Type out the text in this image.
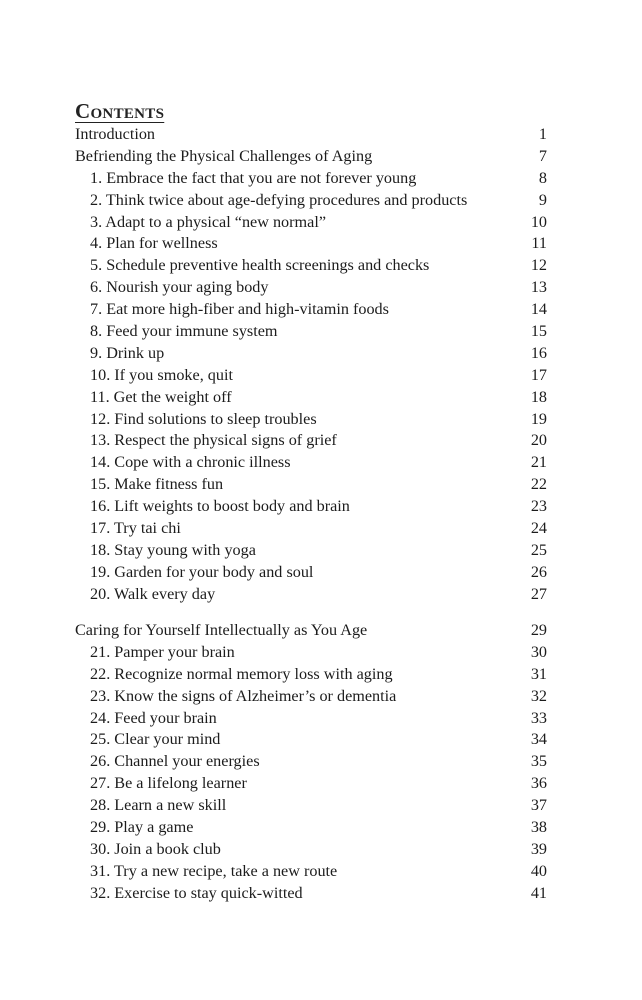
Contents
Introduction	1
Befriending the Physical Challenges of Aging	7
1. Embrace the fact that you are not forever young	8
2. Think twice about age-defying procedures and products	9
3. Adapt to a physical “new normal”	10
4. Plan for wellness	11
5. Schedule preventive health screenings and checks	12
6. Nourish your aging body	13
7. Eat more high-fiber and high-vitamin foods	14
8. Feed your immune system	15
9. Drink up	16
10. If you smoke, quit	17
11. Get the weight off	18
12. Find solutions to sleep troubles	19
13. Respect the physical signs of grief	20
14. Cope with a chronic illness	21
15. Make fitness fun	22
16. Lift weights to boost body and brain	23
17. Try tai chi	24
18. Stay young with yoga	25
19. Garden for your body and soul	26
20. Walk every day	27
Caring for Yourself Intellectually as You Age	29
21. Pamper your brain	30
22. Recognize normal memory loss with aging	31
23. Know the signs of Alzheimer’s or dementia	32
24. Feed your brain	33
25. Clear your mind	34
26. Channel your energies	35
27. Be a lifelong learner	36
28. Learn a new skill	37
29. Play a game	38
30. Join a book club	39
31. Try a new recipe, take a new route	40
32. Exercise to stay quick-witted	41
